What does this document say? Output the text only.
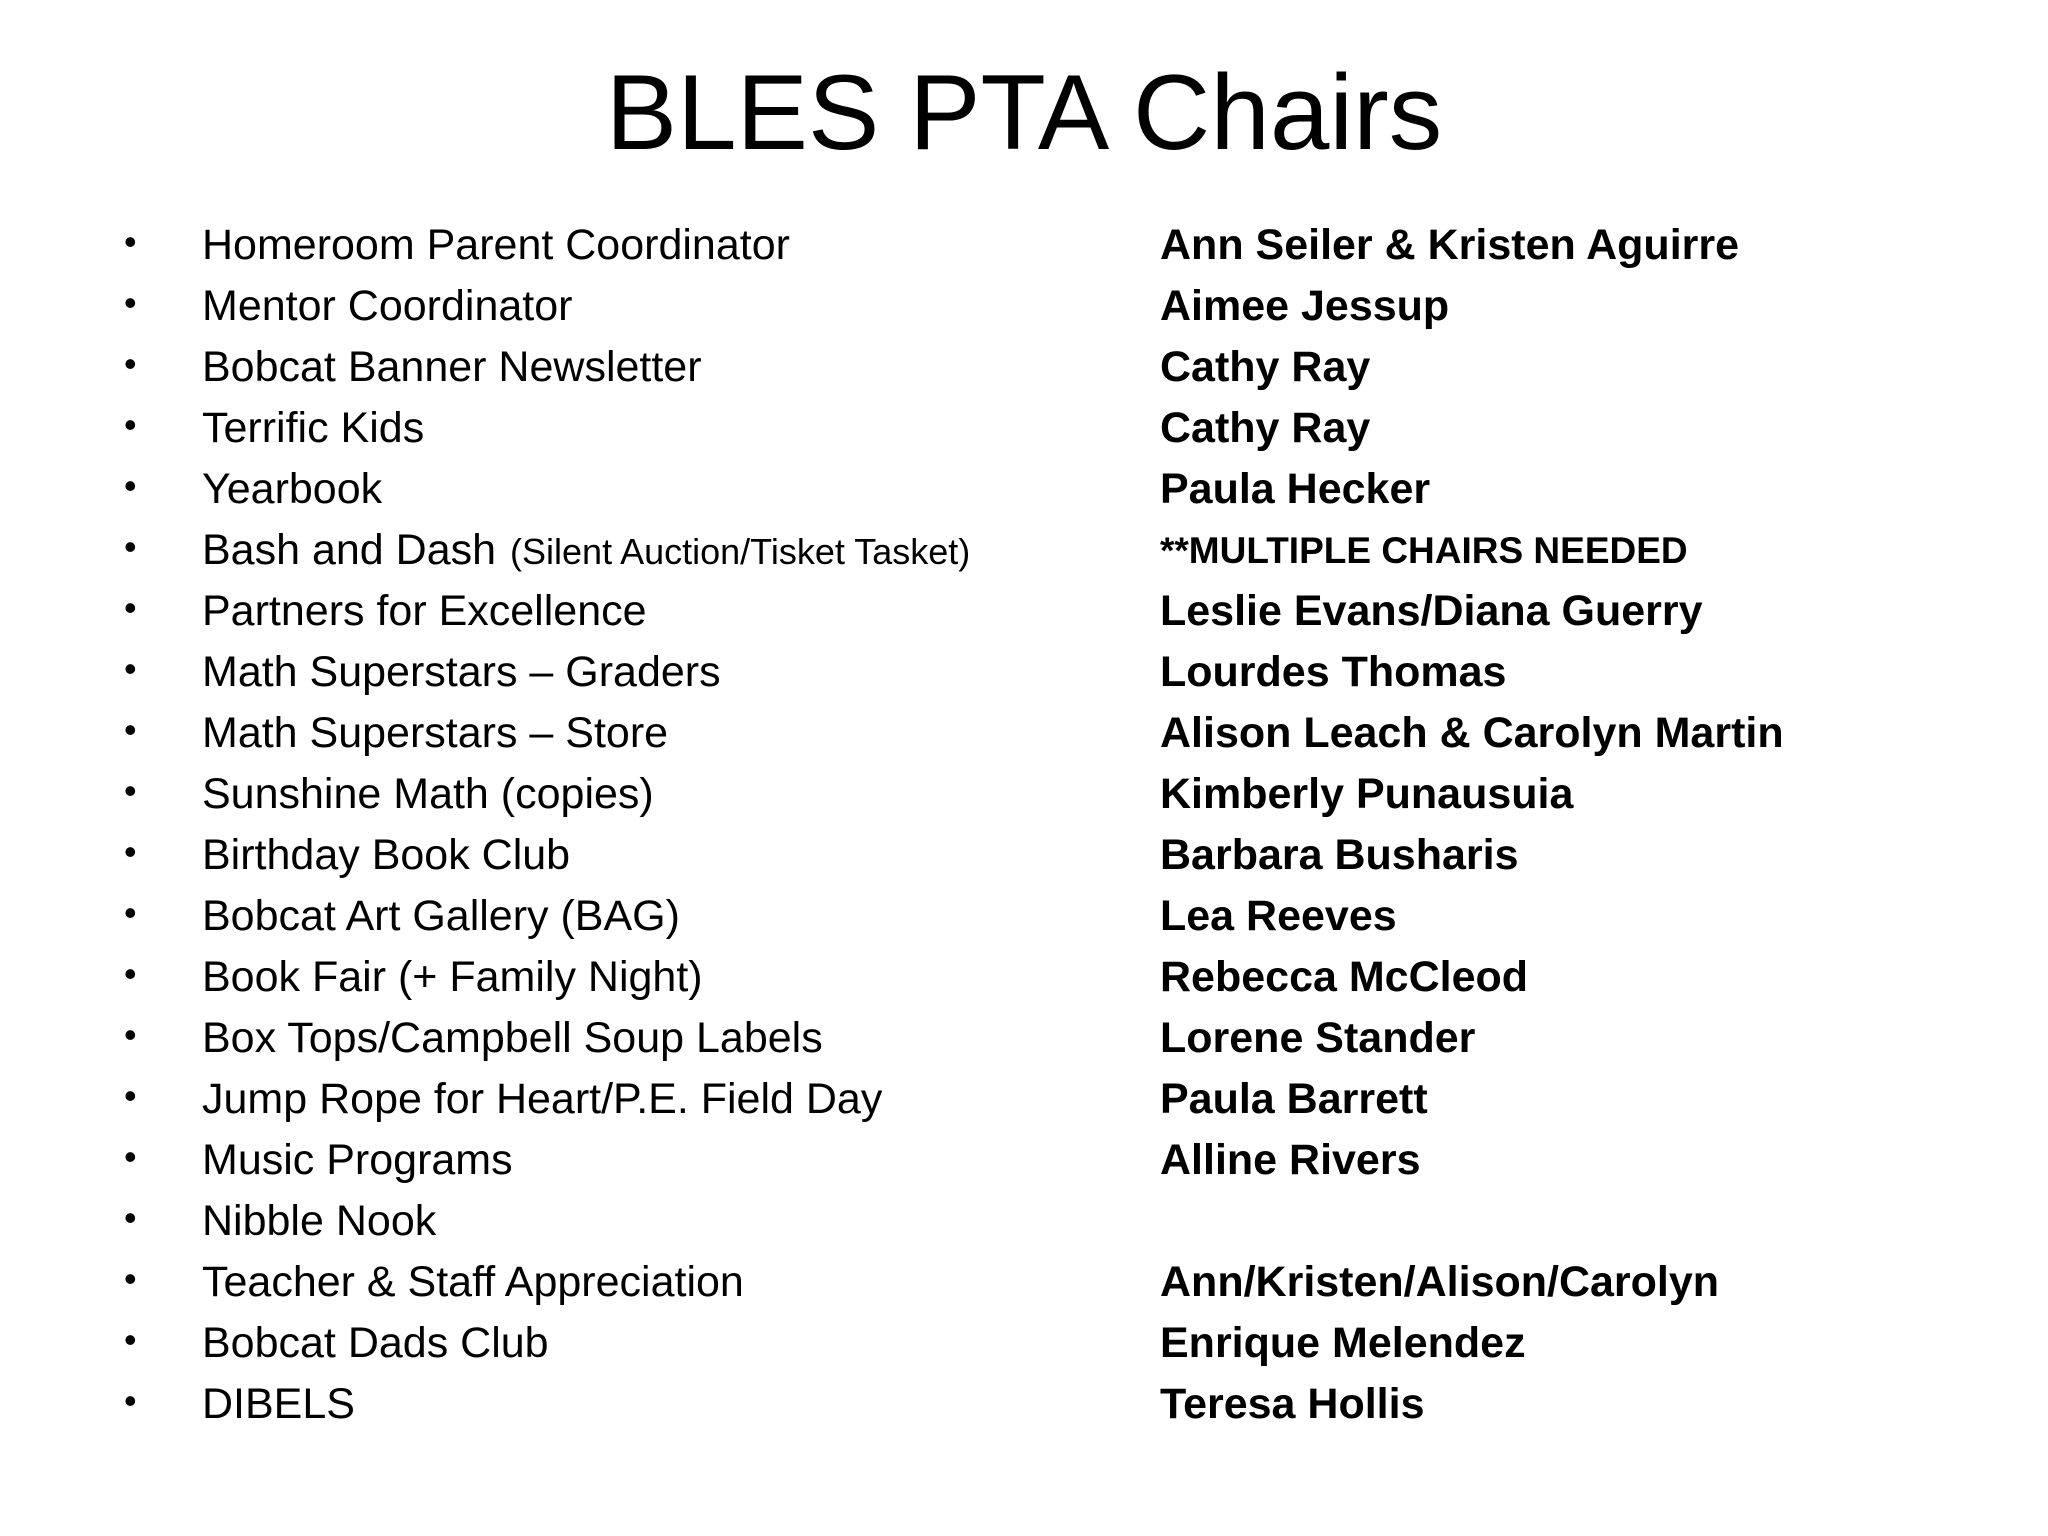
BLES PTA Chairs
• Homeroom Parent Coordinator	Ann Seiler & Kristen Aguirre
• Mentor Coordinator	Aimee Jessup
• Bobcat Banner Newsletter	Cathy Ray
• Terrific Kids	Cathy Ray
• Yearbook	Paula Hecker
• Bash and Dash (Silent Auction/Tisket Tasket)	**MULTIPLE CHAIRS NEEDED
• Partners for Excellence	Leslie Evans/Diana Guerry
• Math Superstars – Graders	Lourdes Thomas
• Math Superstars – Store	Alison Leach & Carolyn Martin
• Sunshine Math (copies)	Kimberly Punausuia
• Birthday Book Club	Barbara Busharis
• Bobcat Art Gallery (BAG)	Lea Reeves
• Book Fair (+ Family Night)	Rebecca McCleod
• Box Tops/Campbell Soup Labels	Lorene Stander
• Jump Rope for Heart/P.E. Field Day	Paula Barrett
• Music Programs	Alline Rivers
• Nibble Nook
• Teacher & Staff Appreciation	Ann/Kristen/Alison/Carolyn
• Bobcat Dads Club	Enrique Melendez
• DIBELS	Teresa Hollis
